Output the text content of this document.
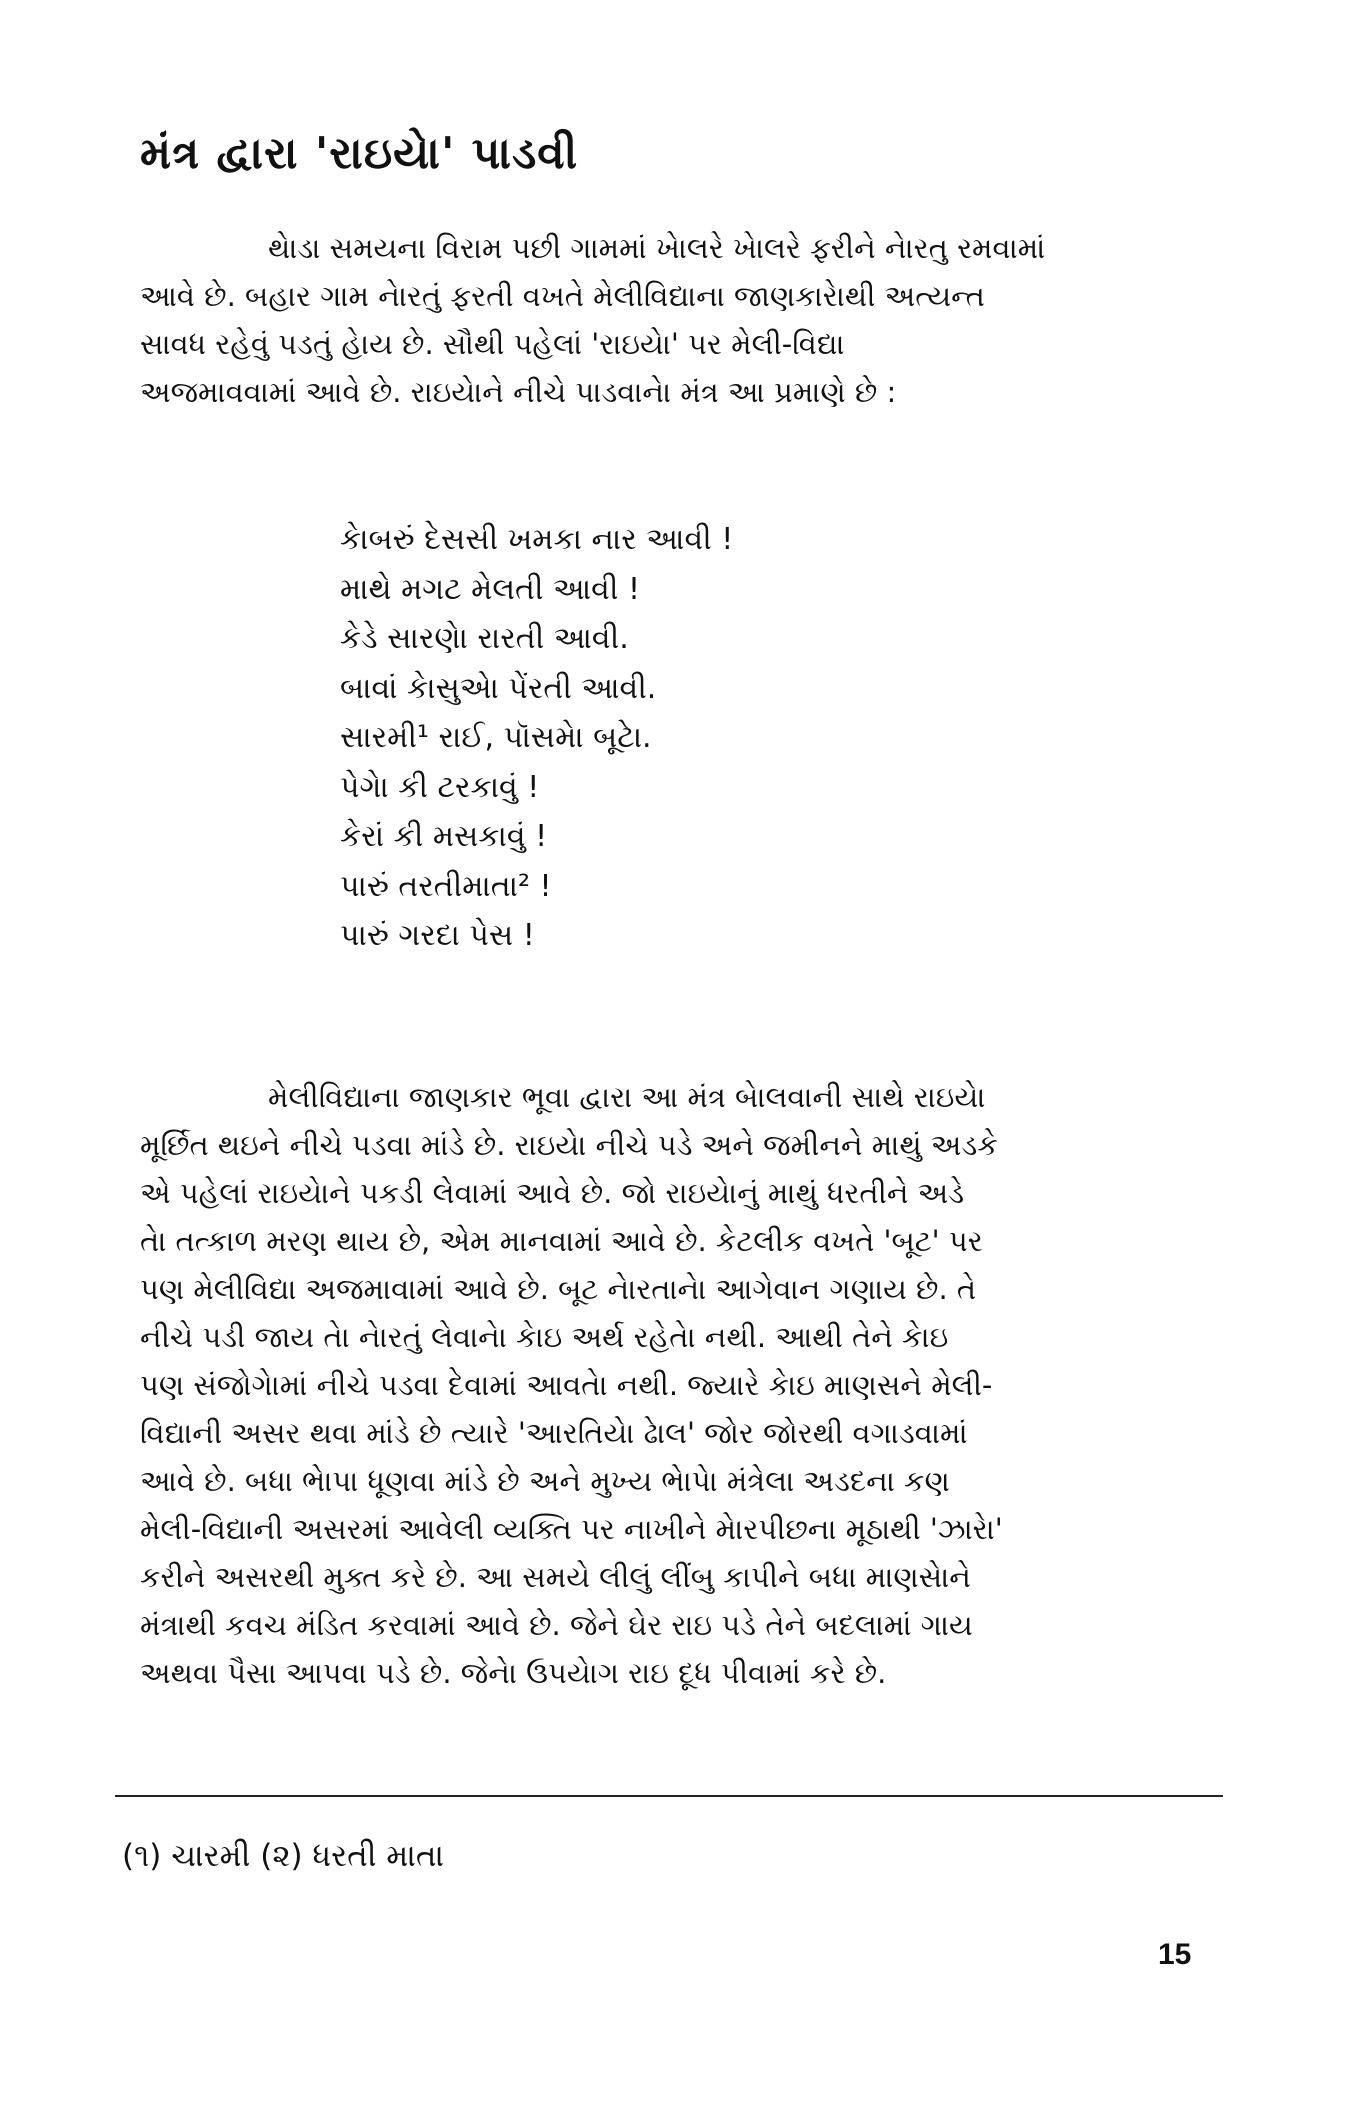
મંત્ર દ્વારા 'રાઇયેા' પાડવી
થેાડા સમયના વિરામ પછી ગામમાં ખેાલરે ખેાલરે ફરીને નેારતુ રમવામાં
આવે છે. બહાર ગામ નેારતું ફરતી વખતે મેલીવિદ્યાના જાણકારેાથી અત્યન્ત
સાવધ રહેવું પડતું હેાય છે. સૌથી પહેલાં 'રાઇયેા' પર મેલી-વિદ્યા
અજમાવવામાં આવે છે. રાઇયેાને નીચે પાડવાનેા મંત્ર આ પ્રમાણે છે :
કેાબરું દેસસી ખમકા નાર આવી !
માથે મગટ મેલતી આવી !
કેડે સારણેા રારતી આવી.
બાવાં કેાસુએા પેંરતી આવી.
સારમી¹ રાઈ, પૉસમેા બૂટેા.
પેગેા કી ટરકાવું !
કેરાં કી મસકાવું !
પારું તરતીમાતા² !
પારું ગરદા પેસ !
મેલીવિદ્યાના જાણકાર ભૂવા દ્વારા આ મંત્ર બેાલવાની સાથે રાઇયેા
મૂર્છિત થઇને નીચે પડવા માંડે છે. રાઇયેા નીચે પડે અને જમીનને માથું અડકે
એ પહેલાં રાઇયેાને પકડી લેવામાં આવે છે. જો રાઇયેાનું માથું ધરતીને અડે
તેા તત્કાળ મરણ થાય છે, એમ માનવામાં આવે છે. કેટલીક વખતે 'બૂટ' પર
પણ મેલીવિદ્યા અજમાવામાં આવે છે. બૂટ નેારતાનેા આગેવાન ગણાય છે. તે
નીચે પડી જાય તેા નેારતું લેવાનેા કેાઇ અર્થ રહેતેા નથી. આથી તેને કેાઇ
પણ સંજોગેામાં નીચે પડવા દેવામાં આવતેા નથી. જ્યારે કેાઇ માણસને મેલી-
વિદ્યાની અસર થવા માંડે છે ત્યારે 'આરતિયેા ઢેાલ' જોર જોરથી વગાડવામાં
આવે છે. બધા ભેાપા ધૂણવા માંડે છે અને મુખ્ય ભેાપેા મંત્રેલા અડદના કણ
મેલી-વિદ્યાની અસરમાં આવેલી વ્યક્તિ પર નાખીને મેારપીછના મૂઠાથી 'ઝારેા'
કરીને અસરથી મુક્ત કરે છે. આ સમયે લીલું લીંબુ કાપીને બધા માણસેાને
મંત્રાથી કવચ મંડિત કરવામાં આવે છે. જેને ઘેર રાઇ પડે તેને બદલામાં ગાય
અથવા પૈસા આપવા પડે છે. જેનેા ઉપયેાગ રાઇ દૂધ પીવામાં કરે છે.

(૧) ચારમી (૨) ધરતી માતા

15
